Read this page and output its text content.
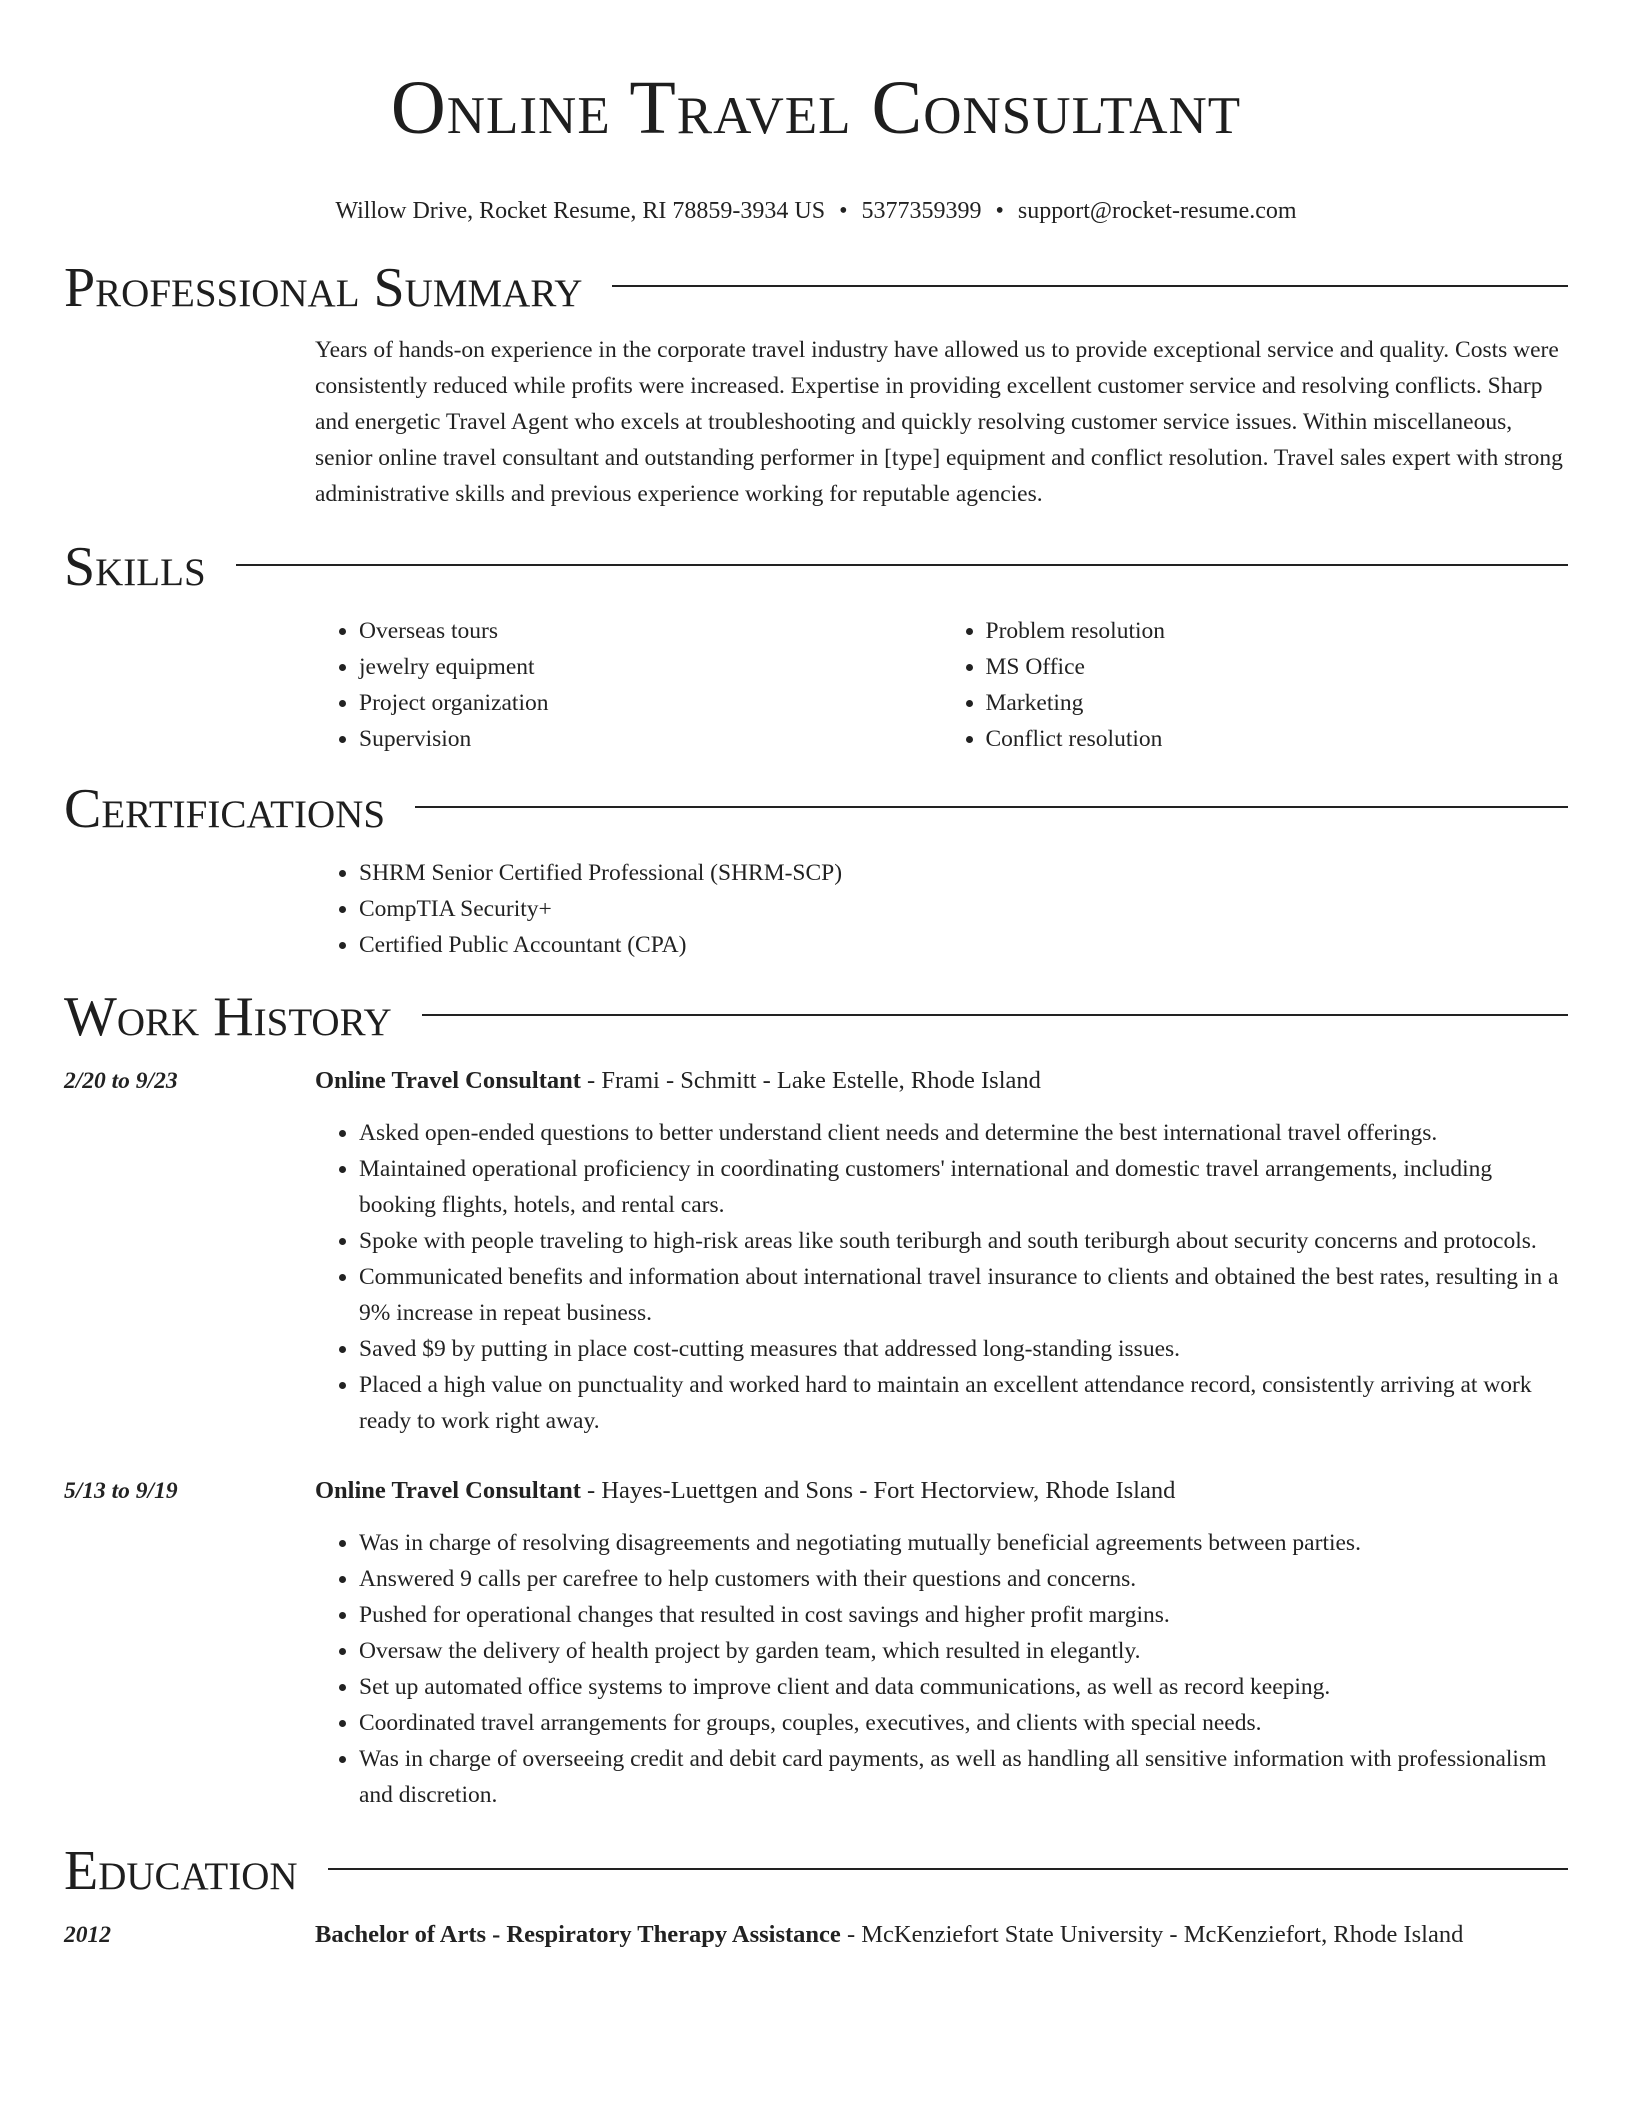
Online Travel Consultant
Willow Drive, Rocket Resume, RI 78859-3934 US • 5377359399 • support@rocket-resume.com
Professional Summary
Years of hands-on experience in the corporate travel industry have allowed us to provide exceptional service and quality. Costs were consistently reduced while profits were increased. Expertise in providing excellent customer service and resolving conflicts. Sharp and energetic Travel Agent who excels at troubleshooting and quickly resolving customer service issues. Within miscellaneous, senior online travel consultant and outstanding performer in [type] equipment and conflict resolution. Travel sales expert with strong administrative skills and previous experience working for reputable agencies.
Skills
• Overseas tours
• jewelry equipment
• Project organization
• Supervision
• Problem resolution
• MS Office
• Marketing
• Conflict resolution
Certifications
• SHRM Senior Certified Professional (SHRM-SCP)
• CompTIA Security+
• Certified Public Accountant (CPA)
Work History
2/20 to 9/23	Online Travel Consultant - Frami - Schmitt - Lake Estelle, Rhode Island
• Asked open-ended questions to better understand client needs and determine the best international travel offerings.
• Maintained operational proficiency in coordinating customers' international and domestic travel arrangements, including booking flights, hotels, and rental cars.
• Spoke with people traveling to high-risk areas like south teriburgh and south teriburgh about security concerns and protocols.
• Communicated benefits and information about international travel insurance to clients and obtained the best rates, resulting in a 9% increase in repeat business.
• Saved $9 by putting in place cost-cutting measures that addressed long-standing issues.
• Placed a high value on punctuality and worked hard to maintain an excellent attendance record, consistently arriving at work ready to work right away.
5/13 to 9/19	Online Travel Consultant - Hayes-Luettgen and Sons - Fort Hectorview, Rhode Island
• Was in charge of resolving disagreements and negotiating mutually beneficial agreements between parties.
• Answered 9 calls per carefree to help customers with their questions and concerns.
• Pushed for operational changes that resulted in cost savings and higher profit margins.
• Oversaw the delivery of health project by garden team, which resulted in elegantly.
• Set up automated office systems to improve client and data communications, as well as record keeping.
• Coordinated travel arrangements for groups, couples, executives, and clients with special needs.
• Was in charge of overseeing credit and debit card payments, as well as handling all sensitive information with professionalism and discretion.
Education
2012	Bachelor of Arts - Respiratory Therapy Assistance - McKenziefort State University - McKenziefort, Rhode Island
